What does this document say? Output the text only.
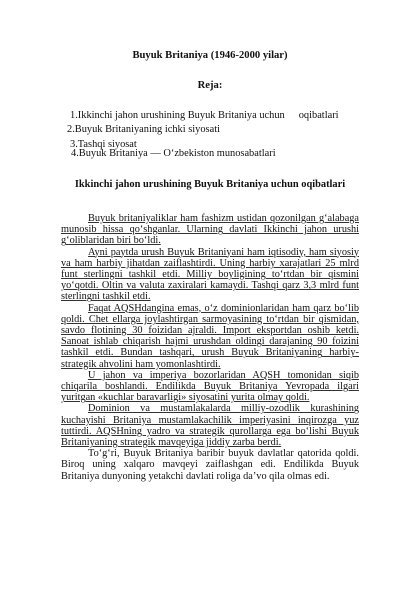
Buyuk Britaniya (1946-2000 yilar)
Reja:
1.Ikkinchi jahon urushining Buyuk Britaniya uchun oqibatlari
2.Buyuk Britaniyaning ichki siyosati
3.Tashqi siyosat
4.Buyuk Britaniya — O‘zbekiston munosabatlari
Ikkinchi jahon urushining Buyuk Britaniya uchun oqibatlari

Buyuk britaniyaliklar ham fashizm ustidan qozonilgan g‘alabaga munosib hissa qo‘shganlar. Ularning davlati Ikkinchi jahon urushi g‘oliblaridan biri bo‘ldi.

Ayni paytda urush Buyuk Britaniyani ham iqtisodiy, ham siyosiy va ham harbiy jihatdan zaiflashtirdi. Uning harbiy xarajatlari 25 mlrd funt sterlingni tashkil etdi. Milliy boyligining to‘rtdan bir qismini yo‘qotdi. Oltin va valuta zaxiralari kamaydi. Tashqi qarz 3,3 mlrd funt sterlingni tashkil etdi.

Faqat AQSHdangina emas, o‘z dominionlaridan ham qarz bo‘lib qoldi. Chet ellarga joylashtirgan sarmoyasining to‘rtdan bir qismidan, savdo flotining 30 foizidan ajraldi. Import eksportdan oshib ketdi. Sanoat ishlab chiqarish hajmi urushdan oldingi darajaning 90 foizini tashkil etdi. Bundan tashqari, urush Buyuk Britaniyaning harbiy-strategik ahvolini ham yomonlashtirdi.

U jahon va imperiya bozorlaridan AQSH tomonidan siqib chiqarila boshlandi. Endilikda Buyuk Britaniya Yevropada ilgari yuritgan «kuchlar baravarligi» siyosatini yurita olmay qoldi.

Dominion va mustamlakalarda milliy-ozodlik kurashining kuchayishi Britaniya mustamlakachilik imperiyasini inqirozga yuz tuttirdi. AQSHning yadro va strategik qurollarga ega bo‘lishi Buyuk Britaniyaning strategik mavqeyiga jiddiy zarba berdi.

To‘g‘ri, Buyuk Britaniya baribir buyuk davlatlar qatorida qoldi. Biroq uning xalqaro mavqeyi zaiflashgan edi. Endilikda Buyuk Britaniya dunyoning yetakchi davlati roliga da’vo qila olmas edi.
